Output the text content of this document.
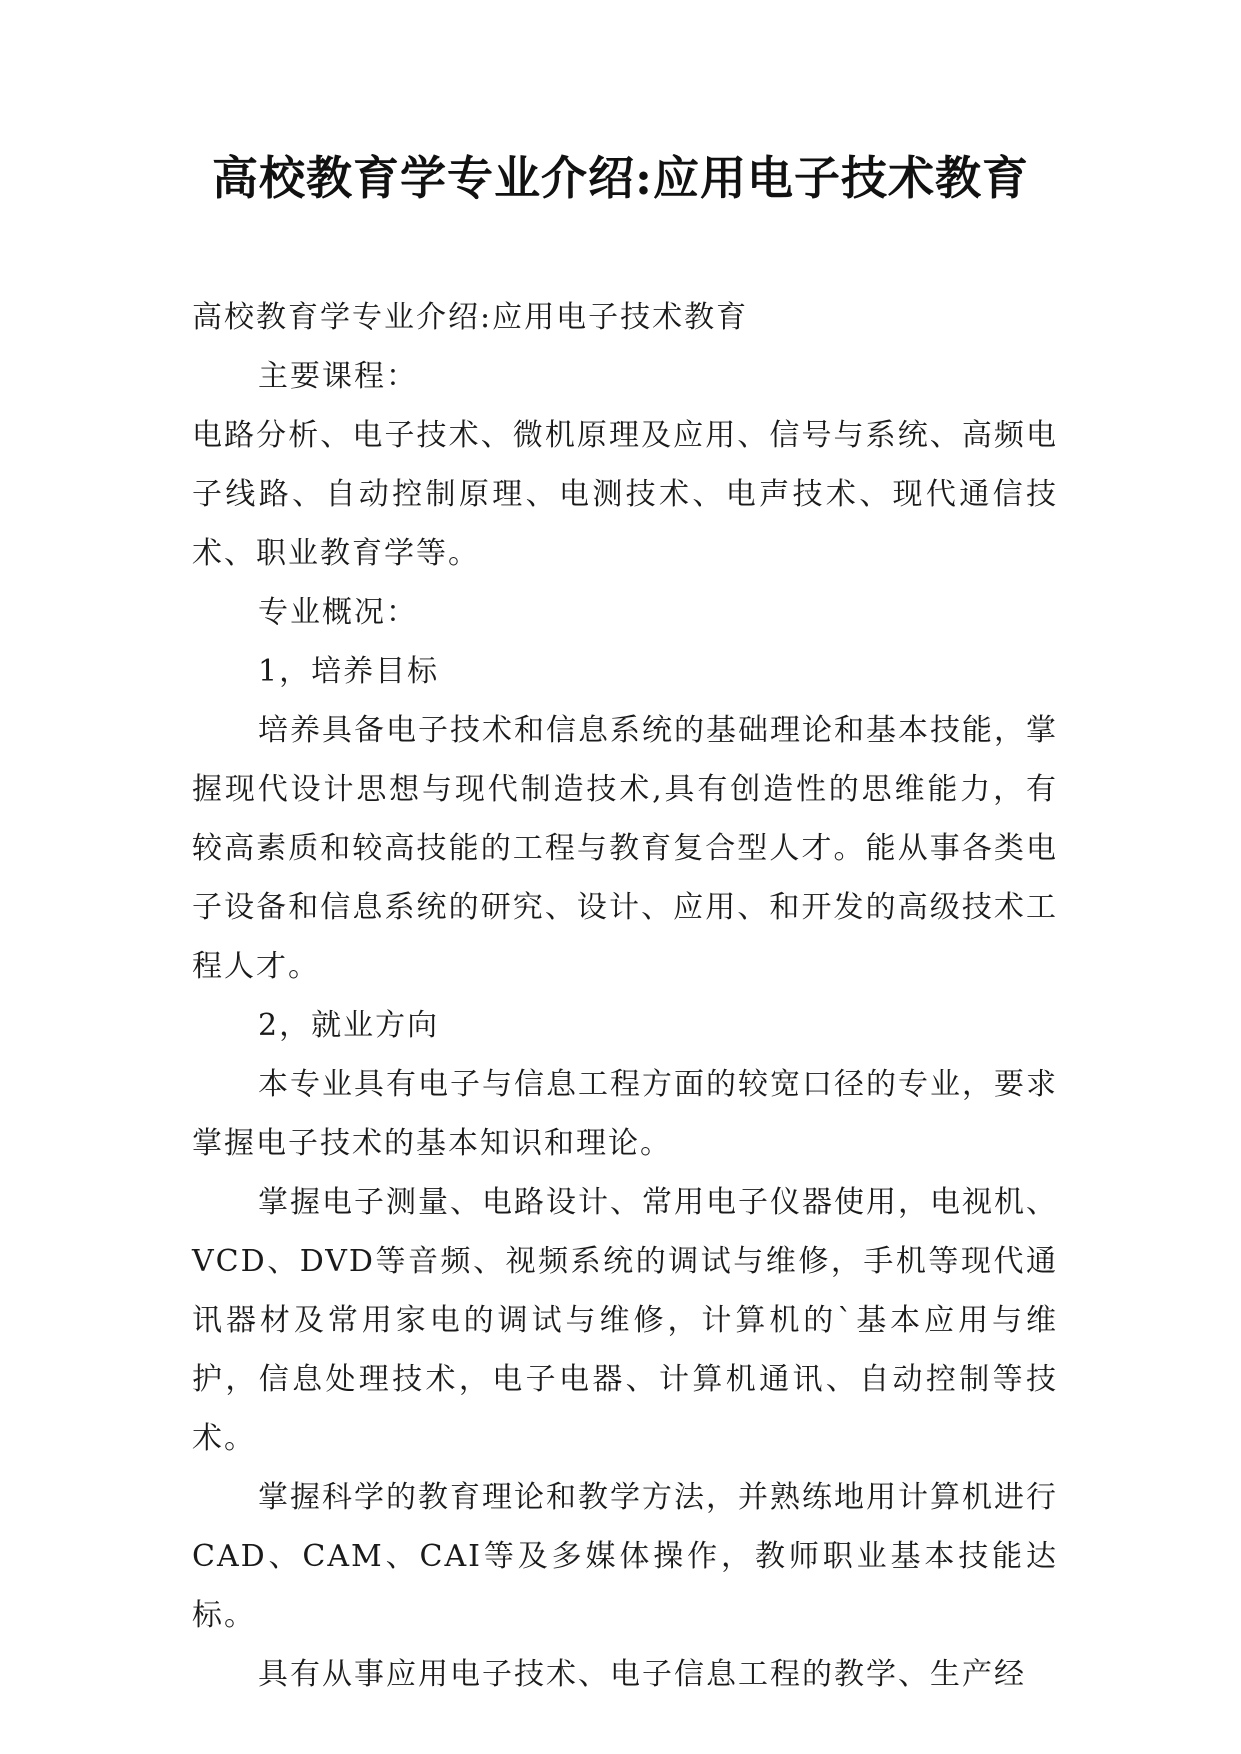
高校教育学专业介绍:应用电子技术教育

高校教育学专业介绍:应用电子技术教育

主要课程：

电路分析、电子技术、微机原理及应用、信号与系统、高频电子线路、自动控制原理、电测技术、电声技术、现代通信技术、职业教育学等。

专业概况：

1，培养目标

培养具备电子技术和信息系统的基础理论和基本技能，掌握现代设计思想与现代制造技术,具有创造性的思维能力，有较高素质和较高技能的工程与教育复合型人才。能从事各类电子设备和信息系统的研究、设计、应用、和开发的高级技术工程人才。

2，就业方向

本专业具有电子与信息工程方面的较宽口径的专业，要求掌握电子技术的基本知识和理论。

掌握电子测量、电路设计、常用电子仪器使用，电视机、VCD、DVD等音频、视频系统的调试与维修，手机等现代通讯器材及常用家电的调试与维修，计算机的`基本应用与维护，信息处理技术，电子电器、计算机通讯、自动控制等技术。

掌握科学的教育理论和教学方法，并熟练地用计算机进行CAD、CAM、CAI等及多媒体操作，教师职业基本技能达标。

具有从事应用电子技术、电子信息工程的教学、生产经
